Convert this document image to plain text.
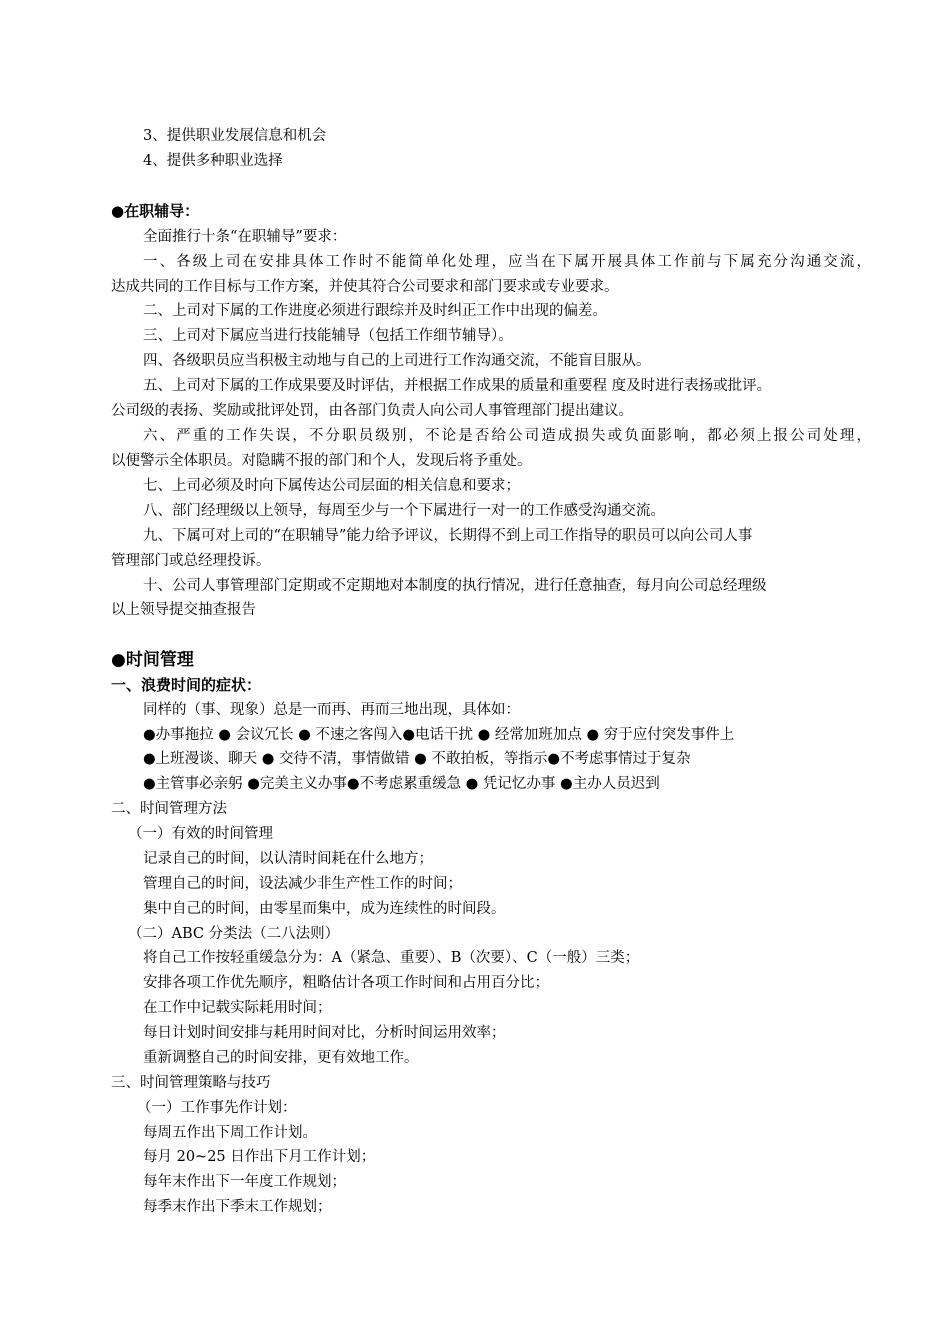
3、提供职业发展信息和机会
4、提供多种职业选择
●在职辅导：
全面推行十条“在职辅导”要求：
一、各级上司在安排具体工作时不能简单化处理，应当在下属开展具体工作前与下属充分沟通交流，
达成共同的工作目标与工作方案，并使其符合公司要求和部门要求或专业要求。
二、上司对下属的工作进度必须进行跟综并及时纠正工作中出现的偏差。
三、上司对下属应当进行技能辅导（包括工作细节辅导）。
四、各级职员应当积极主动地与自己的上司进行工作沟通交流，不能盲目服从。
五、上司对下属的工作成果要及时评估，并根据工作成果的质量和重要程 度及时进行表扬或批评。
公司级的表扬、奖励或批评处罚，由各部门负责人向公司人事管理部门提出建议。
六、严重的工作失误，不分职员级别，不论是否给公司造成损失或负面影响，都必须上报公司处理，
以便警示全体职员。对隐瞒不报的部门和个人，发现后将予重处。
七、上司必须及时向下属传达公司层面的相关信息和要求；
八、部门经理级以上领导，每周至少与一个下属进行一对一的工作感受沟通交流。
九、下属可对上司的“在职辅导”能力给予评议，长期得不到上司工作指导的职员可以向公司人事
管理部门或总经理投诉。
十、公司人事管理部门定期或不定期地对本制度的执行情况，进行任意抽查，每月向公司总经理级
以上领导提交抽查报告
●时间管理
一、浪费时间的症状：
同样的（事、现象）总是一而再、再而三地出现，具体如：
●办事拖拉 ● 会议冗长 ● 不速之客闯入●电话干扰 ● 经常加班加点 ● 穷于应付突发事件上
●上班漫谈、聊天 ● 交待不清，事情做错 ● 不敢拍板，等指示●不考虑事情过于复杂
●主管事必亲躬 ●完美主义办事●不考虑累重缓急 ● 凭记忆办事 ●主办人员迟到
二、时间管理方法
（一）有效的时间管理
记录自己的时间，以认清时间耗在什么地方；
管理自己的时间，设法减少非生产性工作的时间；
集中自己的时间，由零星而集中，成为连续性的时间段。
（二）ABC 分类法（二八法则）
将自己工作按轻重缓急分为：A（紧急、重要）、B（次要）、C（一般）三类；
安排各项工作优先顺序，粗略估计各项工作时间和占用百分比；
在工作中记载实际耗用时间；
每日计划时间安排与耗用时间对比，分析时间运用效率；
重新调整自己的时间安排，更有效地工作。
三、时间管理策略与技巧
（一）工作事先作计划：
每周五作出下周工作计划。
每月 20~25 日作出下月工作计划；
每年末作出下一年度工作规划；
每季末作出下季末工作规划；
